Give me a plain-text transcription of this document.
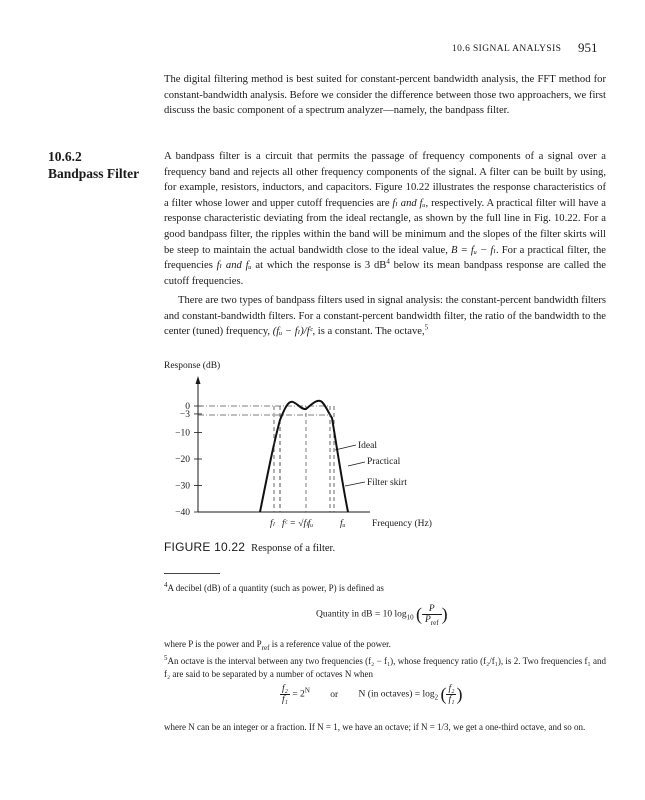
10.6 SIGNAL ANALYSIS 951
The digital filtering method is best suited for constant-percent bandwidth analysis, the FFT method for constant-bandwidth analysis. Before we consider the difference between those two approachers, we first discuss the basic component of a spectrum analyzer—namely, the bandpass filter.
10.6.2
Bandpass Filter
A bandpass filter is a circuit that permits the passage of frequency components of a signal over a frequency band and rejects all other frequency components of the signal. A filter can be built by using, for example, resistors, inductors, and capacitors. Figure 10.22 illustrates the response characteristics of a filter whose lower and upper cutoff frequencies are fₗ and fᵤ, respectively. A practical filter will have a response characteristic deviating from the ideal rectangle, as shown by the full line in Fig. 10.22. For a good bandpass filter, the ripples within the band will be minimum and the slopes of the filter skirts will be steep to maintain the actual bandwidth close to the ideal value, B = fᵤ − fₗ. For a practical filter, the frequencies fₗ and fᵤ at which the response is 3 $dB^4$ below its mean bandpass response are called the cutoff frequencies.
There are two types of bandpass filters used in signal analysis: the constant-percent bandwidth filters and constant-bandwidth filters. For a constant-percent bandwidth filter, the ratio of the bandwidth to the center (tuned) frequency, (fᵤ − fₗ)/fᶜ, is a constant. The octave,$^5$
Response (dB)
0
−3
−10
−20
−30
−40
Ideal
Practical
Filter skirt
fₗ fᶜ = √fₗfᵤ	fᵤ	Frequency (Hz)
FIGURE 10.22 Response of a filter.
$^4$A decibel (dB) of a quantity (such as power, P) is defined as
Quantity in dB = 10 $\log_{10}$ ( P
$P_{ref}$ )
where P is the power and $P_{ref}$ is a reference value of the power.
$^5$An octave is the interval between any two frequencies (f₂ − f₁), whose frequency ratio (f₂/f₁), is 2. Two frequencies f₁ and f₂ are said to be separated by a number of octaves N when
$\frac{\text{f₂}}{\text{f₁}} = 2^N$ or N (in octaves) = $\log_2$ ( $\frac{\text{f₂}}{\text{f₁}}$ )
where N can be an integer or a fraction. If N = 1, we have an octave; if N = 1/3, we get a one-third octave, and so on.
